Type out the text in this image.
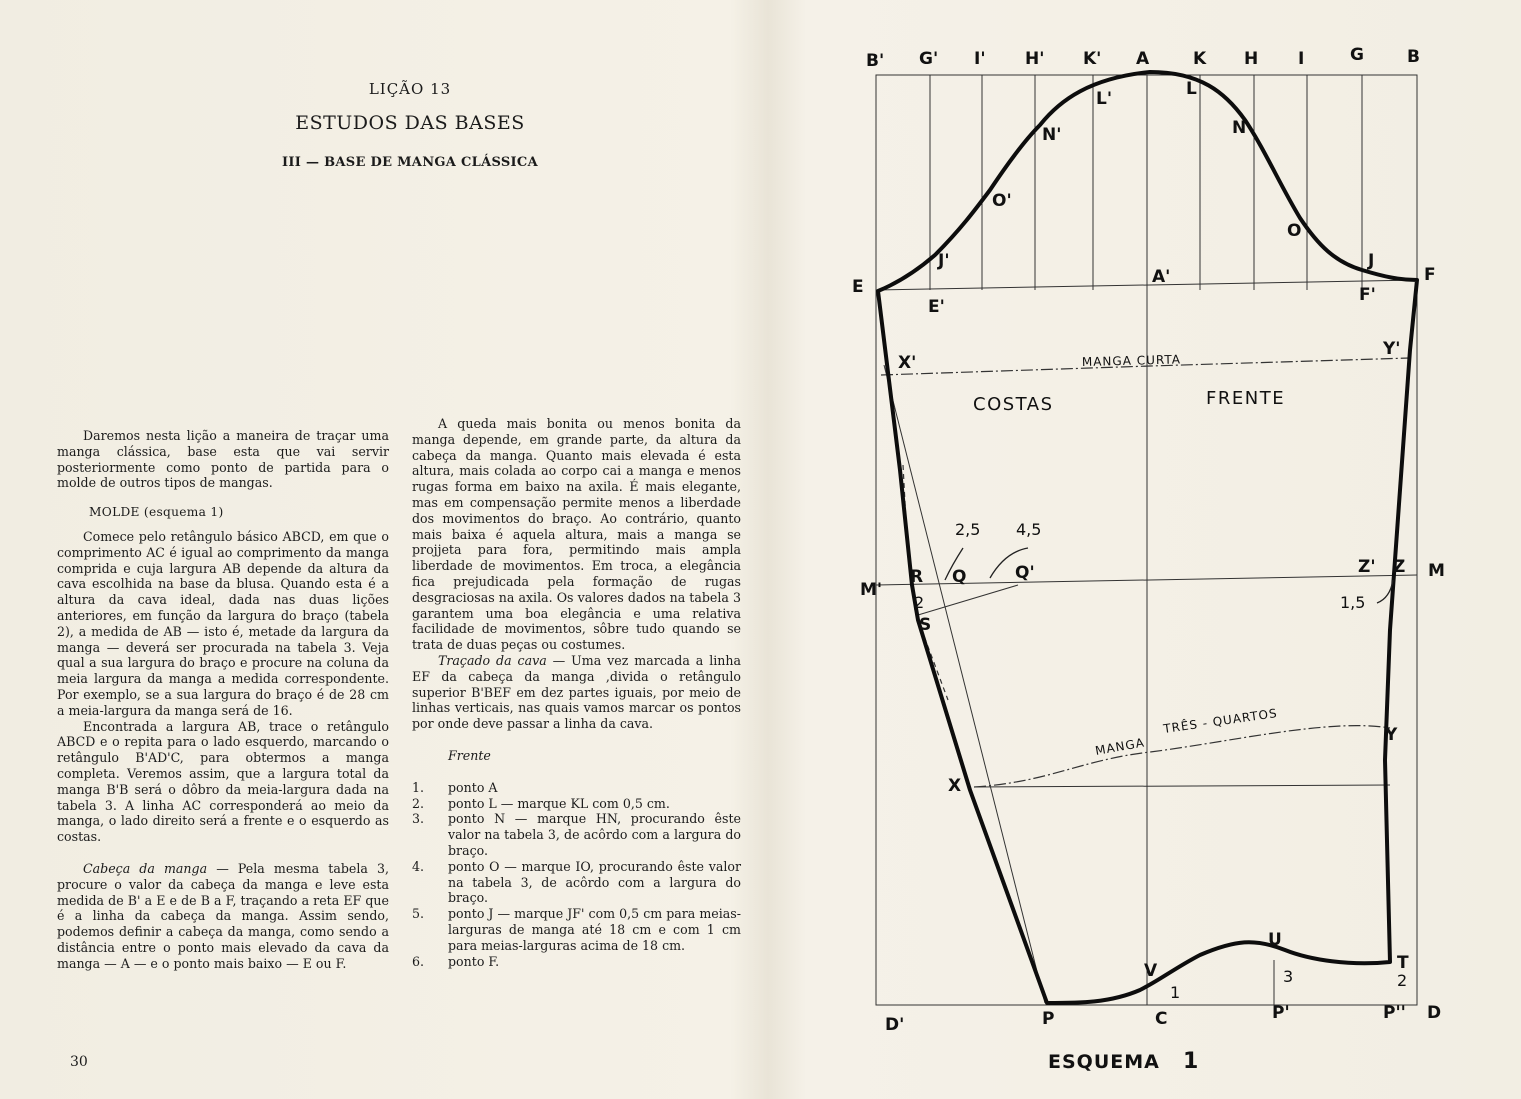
LIÇÃO 13
ESTUDOS DAS BASES
III — BASE DE MANGA CLÁSSICA

Daremos nesta lição a maneira de traçar uma manga clássica, base esta que vai servir posteriormente como ponto de partida para o molde de outros tipos de mangas.

MOLDE (esquema 1)

Comece pelo retângulo básico ABCD, em que o comprimento AC é igual ao comprimento da manga comprida e cuja largura AB depende da altura da cava escolhida na base da blusa. Quando esta é a altura da cava ideal, dada nas duas lições anteriores, em função da largura do braço (tabela 2), a medida de AB — isto é, metade da largura da manga — deverá ser procurada na tabela 3. Veja qual a sua largura do braço e procure na coluna da meia largura da manga a medida correspondente. Por exemplo, se a sua largura do braço é de 28 cm a meia-largura da manga será de 16.

Encontrada a largura AB, trace o retângulo ABCD e o repita para o lado esquerdo, marcando o retângulo B'AD'C, para obtermos a manga completa. Veremos assim, que a largura total da manga B'B será o dôbro da meia-largura dada na tabela 3. A linha AC corresponderá ao meio da manga, o lado direito será a frente e o esquerdo as costas.

Cabeça da manga — Pela mesma tabela 3, procure o valor da cabeça da manga e leve esta medida de B' a E e de B a F, traçando a reta EF que é a linha da cabeça da manga. Assim sendo, podemos definir a cabeça da manga, como sendo a distância entre o ponto mais elevado da cava da manga — A — e o ponto mais baixo — E ou F.

A queda mais bonita ou menos bonita da manga depende, em grande parte, da altura da cabeça da manga. Quanto mais elevada é esta altura, mais colada ao corpo cai a manga e menos rugas forma em baixo na axila. É mais elegante, mas em compensação permite menos a liberdade dos movimentos do braço. Ao contrário, quanto mais baixa é aquela altura, mais a manga se projjeta para fora, permitindo mais ampla liberdade de movimentos. Em troca, a elegância fica prejudicada pela formação de rugas desgraciosas na axila. Os valores dados na tabela 3 garantem uma boa elegância e uma relativa facilidade de movimentos, sôbre tudo quando se trata de duas peças ou costumes.

Traçado da cava — Uma vez marcada a linha EF da cabeça da manga ,divida o retângulo superior B'BEF em dez partes iguais, por meio de linhas verticais, nas quais vamos marcar os pontos por onde deve passar a linha da cava.

Frente

1.	ponto A
2.	ponto L — marque KL com 0,5 cm.
3.	ponto N — marque HN, procurando êste valor na tabela 3, de acôrdo com a largura do braço.
4.	ponto O — marque IO, procurando êste valor na tabela 3, de acôrdo com a largura do braço.
5.	ponto J — marque JF' com 0,5 cm para meias-larguras de manga até 18 cm e com 1 cm para meias-larguras acima de 18 cm.
6.	ponto F.
30
B' G' I' H' K' A	K H I	G	B
L'	L
N'	N
O'
O
J'	J
E
F
E'
A'
F'
X'
Y'
MANGA CURTA
COSTAS	FRENTE
2,5 4,5
M'
R Q	Q'	Z' Z M
1,5
2
S
MANGA
TRÊS - QUARTOS	Y
X
U
V	T
1
3	2
D'	P	C	P'	P'' D
ESQUEMA 1
